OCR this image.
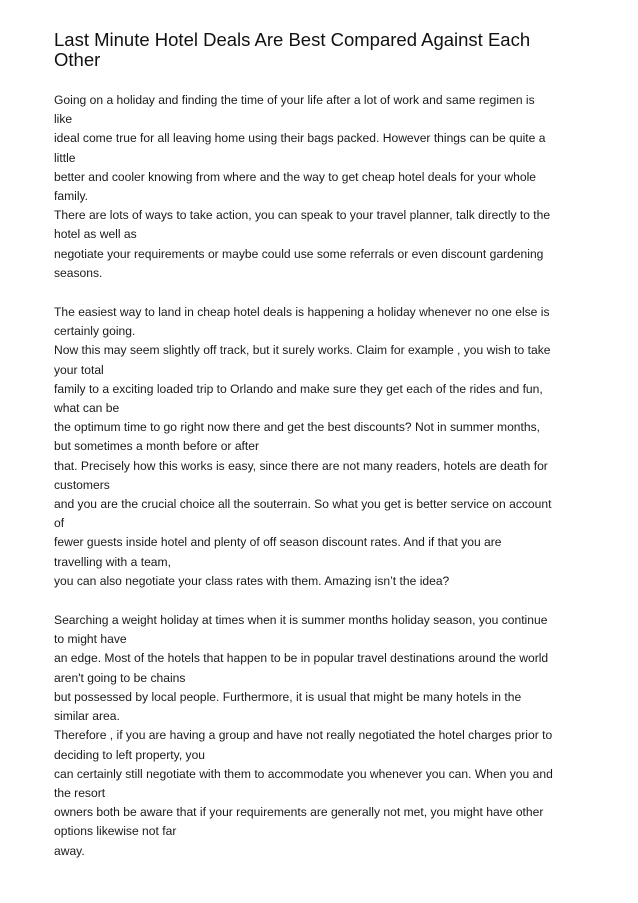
Last Minute Hotel Deals Are Best Compared Against Each
Other
Going on a holiday and finding the time of your life after a lot of work and same regimen is
like
ideal come true for all leaving home using their bags packed. However things can be quite a
little
better and cooler knowing from where and the way to get cheap hotel deals for your whole
family.
There are lots of ways to take action, you can speak to your travel planner, talk directly to the
hotel as well as
negotiate your requirements or maybe could use some referrals or even discount gardening
seasons.
The easiest way to land in cheap hotel deals is happening a holiday whenever no one else is
certainly going.
Now this may seem slightly off track, but it surely works. Claim for example , you wish to take
your total
family to a exciting loaded trip to Orlando and make sure they get each of the rides and fun,
what can be
the optimum time to go right now there and get the best discounts? Not in summer months,
but sometimes a month before or after
that. Precisely how this works is easy, since there are not many readers, hotels are death for
customers
and you are the crucial choice all the souterrain. So what you get is better service on account
of
fewer guests inside hotel and plenty of off season discount rates. And if that you are
travelling with a team,
you can also negotiate your class rates with them. Amazing isn’t the idea?
Searching a weight holiday at times when it is summer months holiday season, you continue
to might have
an edge. Most of the hotels that happen to be in popular travel destinations around the world
aren't going to be chains
but possessed by local people. Furthermore, it is usual that might be many hotels in the
similar area.
Therefore , if you are having a group and have not really negotiated the hotel charges prior to
deciding to left property, you
can certainly still negotiate with them to accommodate you whenever you can. When you and
the resort
owners both be aware that if your requirements are generally not met, you might have other
options likewise not far
away.
